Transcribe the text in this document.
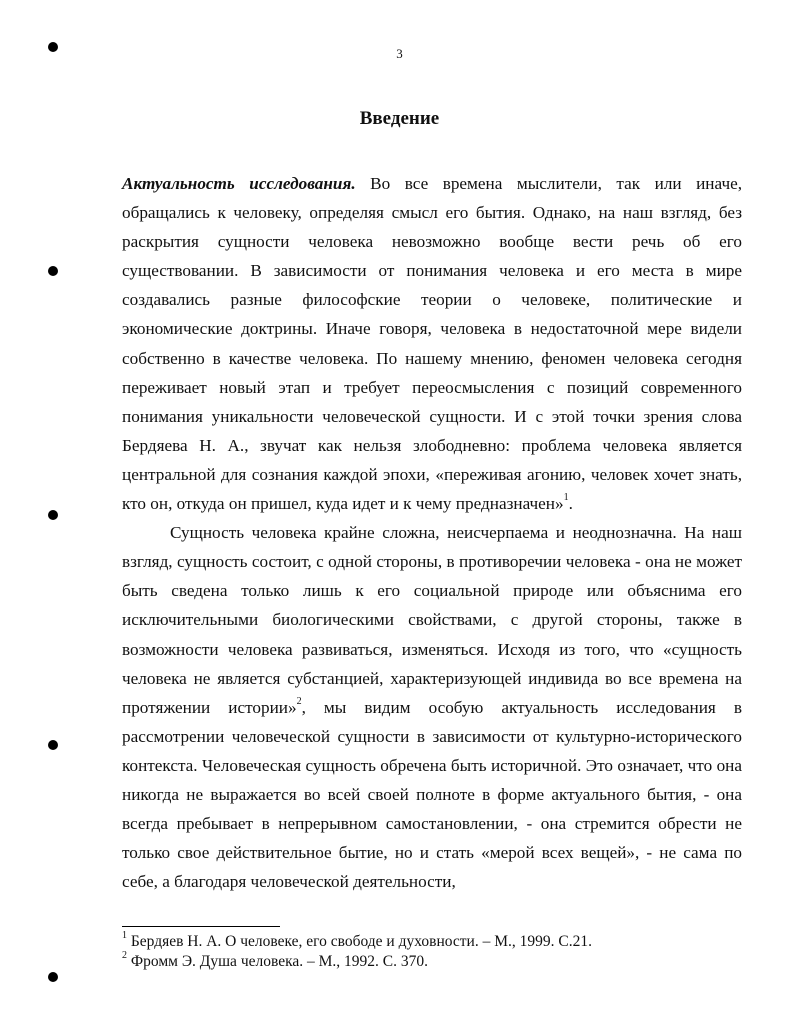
3
Введение

Актуальность исследования. Во все времена мыслители, так или иначе, обращались к человеку, определяя смысл его бытия. Однако, на наш взгляд, без раскрытия сущности человека невозможно вообще вести речь об его существовании. В зависимости от понимания человека и его места в мире создавались разные философские теории о человеке, политические и экономические доктрины. Иначе говоря, человека в недостаточной мере видели собственно в качестве человека. По нашему мнению, феномен человека сегодня переживает новый этап и требует переосмысления с позиций современного понимания уникальности человеческой сущности. И с этой точки зрения слова Бердяева Н. А., звучат как нельзя злободневно: проблема человека является центральной для сознания каждой эпохи, «переживая агонию, человек хочет знать, кто он, откуда он пришел, куда идет и к чему предназначен»$^1$.

Сущность человека крайне сложна, неисчерпаема и неоднозначна. На наш взгляд, сущность состоит, с одной стороны, в противоречии человека - она не может быть сведена только лишь к его социальной природе или объяснима его исключительными биологическими свойствами, с другой стороны, также в возможности человека развиваться, изменяться. Исходя из того, что «сущность человека не является субстанцией, характеризующей индивида во все времена на протяжении истории»$^2$, мы видим особую актуальность исследования в рассмотрении человеческой сущности в зависимости от культурно-исторического контекста. Человеческая сущность обречена быть историчной. Это означает, что она никогда не выражается во всей своей полноте в форме актуального бытия, - она всегда пребывает в непрерывном самостановлении, - она стремится обрести не только свое действительное бытие, но и стать «мерой всех вещей», - не сама по себе, а благодаря человеческой деятельности,

$^1$ Бердяев Н. А. О человеке, его свободе и духовности. – М., 1999. С.21.
$^2$ Фромм Э. Душа человека. – М., 1992. С. 370.
